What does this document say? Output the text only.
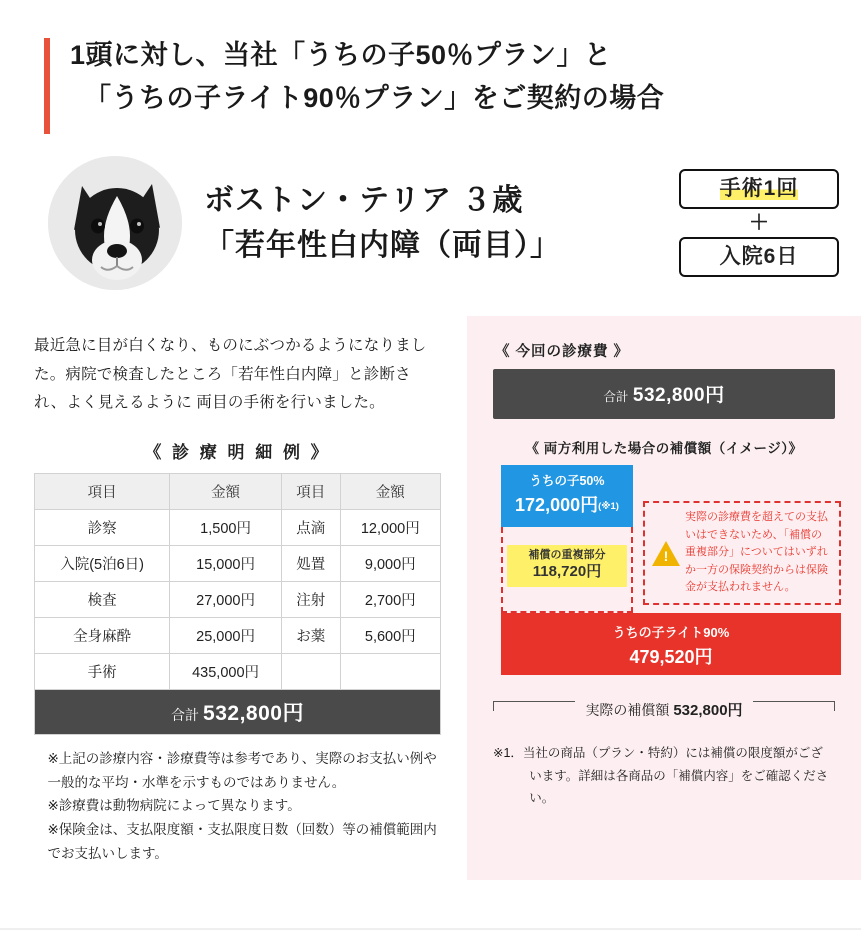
1頭に対し、当社「うちの子50％プラン」と
「うちの子ライト90％プラン」をご契約の場合
ボストン・テリア ３歳
「若年性白内障（両目）」
手術1回
＋
入院6日
最近急に目が白くなり、ものにぶつかるようになりました。病院で検査したところ「若年性白内障」と診断され、よく見えるように 両目の手術を行いました。
《 診 療 明 細 例 》
項目	金額	項目	金額
診察	1,500円	点滴	12,000円
入院(5泊6日)	15,000円	処置	9,000円
検査	27,000円	注射	2,700円
全身麻酔	25,000円	お薬	5,600円
手術	435,000円		
合計 532,800円			
※上記の診療内容・診療費等は参考であり、実際のお支払い例や一般的な平均・水準を示すものではありません。
※診療費は動物病院によって異なります。
※保険金は、支払限度額・支払限度日数（回数）等の補償範囲内でお支払いします。
《 今回の診療費 》
合計 532,800円
《 両方利用した場合の補償額（イメージ）》
うちの子50%
172,000円$^{(※1)}$
補償の重複部分
118,720円
!
実際の診療費を超えての支払いはできないため、「補償の重複部分」についてはいずれか一方の保険契約からは保険金が支払われません。
うちの子ライト90%
479,520円
実際の補償額 532,800円
※1．当社の商品（プラン・特約）には補償の限度額がございます。詳細は各商品の「補償内容」をご確認ください。
